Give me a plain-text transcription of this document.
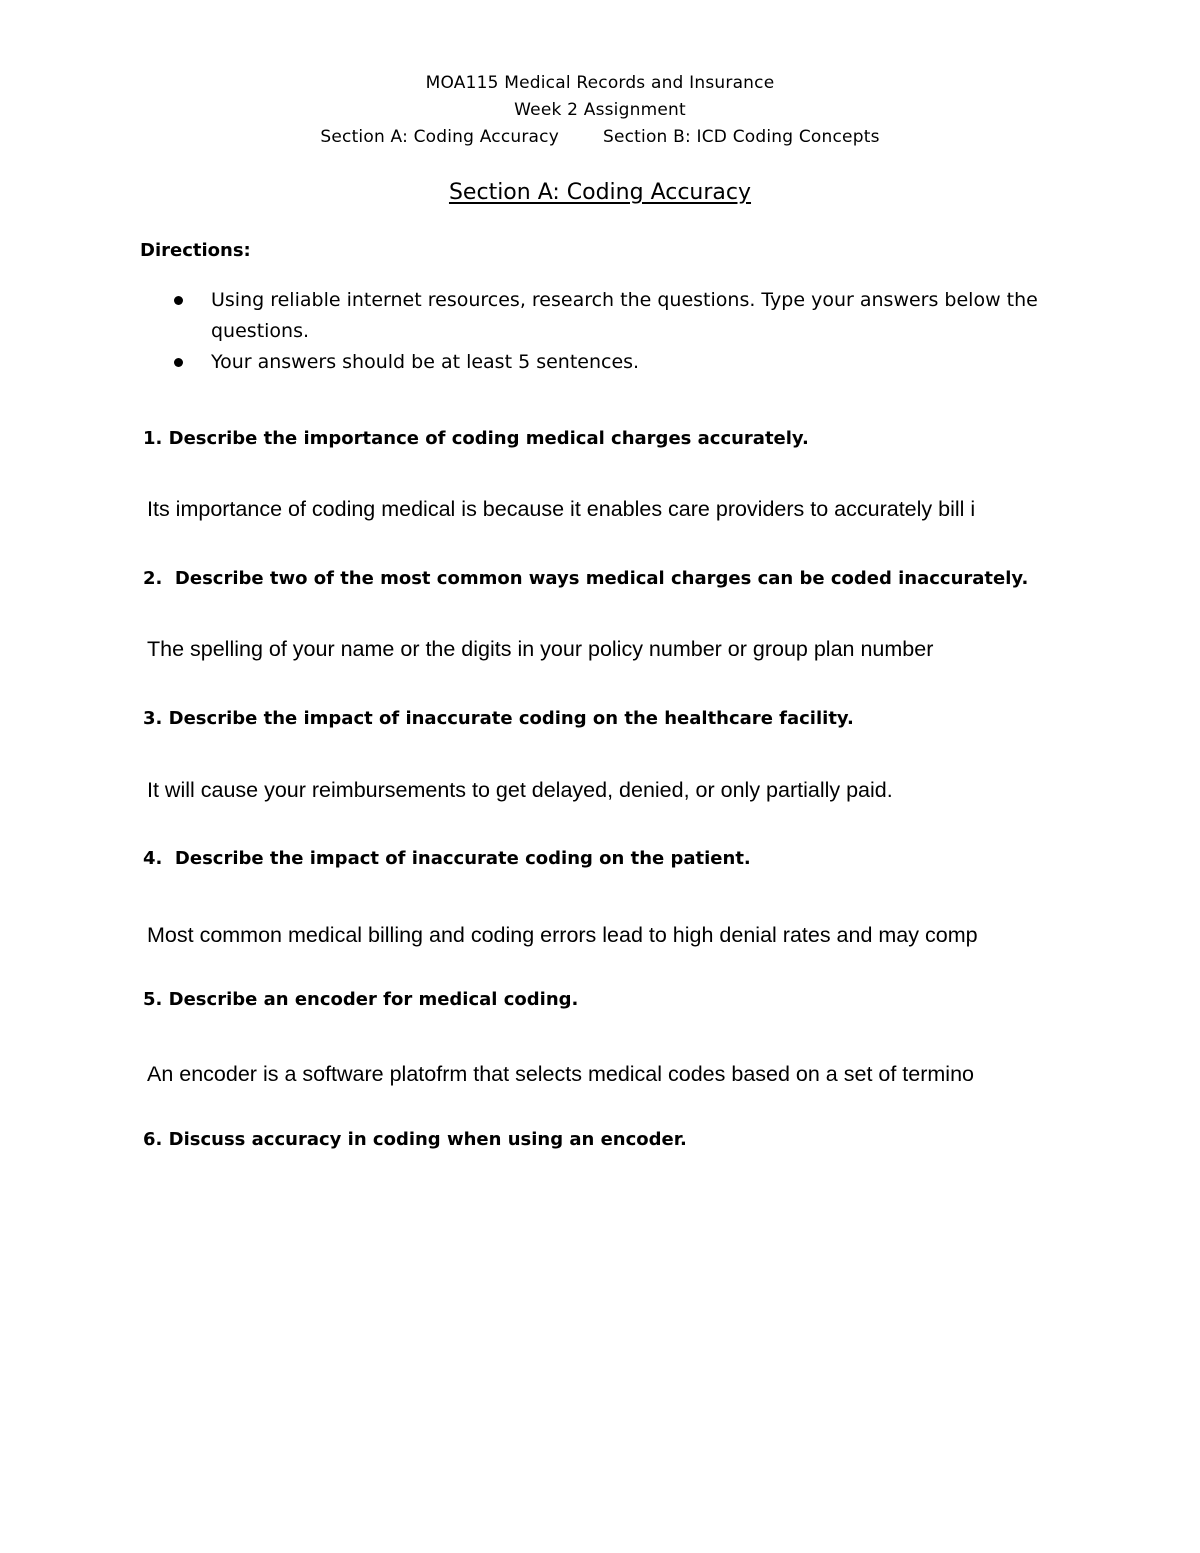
MOA115 Medical Records and Insurance
Week 2 Assignment
Section A: Coding Accuracy	Section B: ICD Coding Concepts
Section A: Coding Accuracy
Directions:
Using reliable internet resources, research the questions. Type your answers below the questions.
Your answers should be at least 5 sentences.
1. Describe the importance of coding medical charges accurately.
Its importance of coding medical is because it enables care providers to accurately bill i
2. Describe two of the most common ways medical charges can be coded inaccurately.
The spelling of your name or the digits in your policy number or group plan number
3. Describe the impact of inaccurate coding on the healthcare facility.
It will cause your reimbursements to get delayed, denied, or only partially paid.
4. Describe the impact of inaccurate coding on the patient.
Most common medical billing and coding errors lead to high denial rates and may comp
5. Describe an encoder for medical coding.
An encoder is a software platofrm that selects medical codes based on a set of termino
6. Discuss accuracy in coding when using an encoder.
